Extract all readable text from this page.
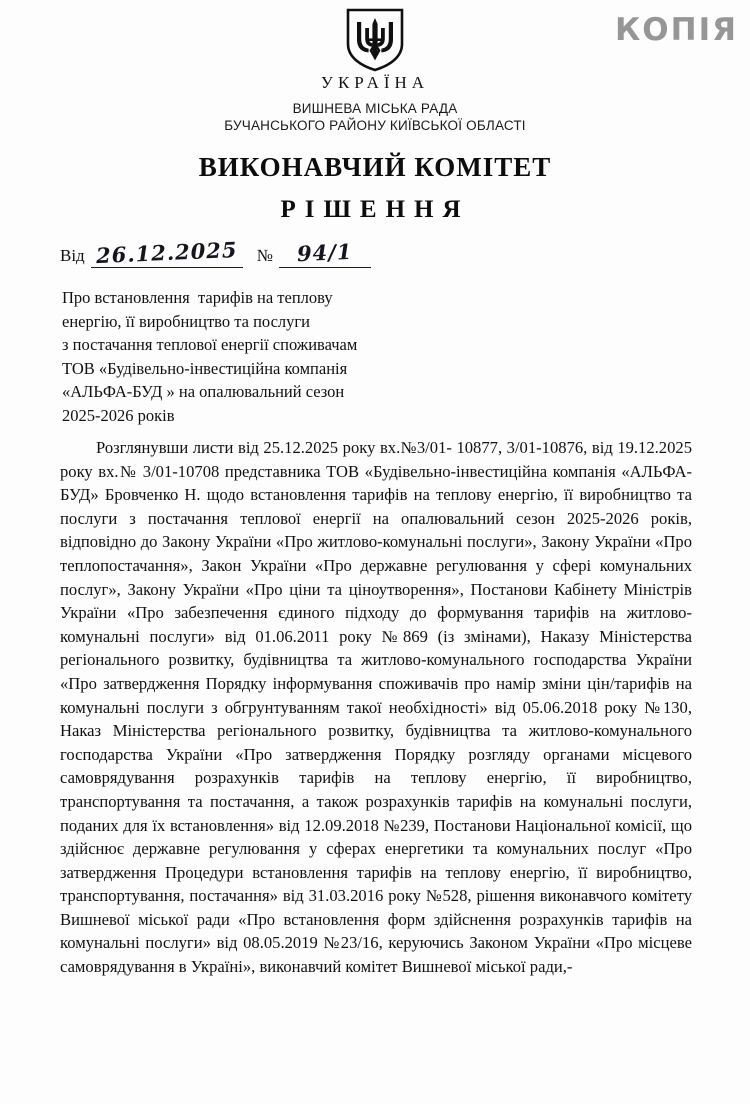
КОПІЯ
УКРАЇНА
ВИШНЕВА МІСЬКА РАДА
БУЧАНСЬКОГО РАЙОНУ КИЇВСЬКОЇ ОБЛАСТІ
ВИКОНАВЧИЙ КОМІТЕТ
РІШЕННЯ
Від 26.12.2025 №	94/1
Про встановлення  тарифів на теплову
енергію, її виробництво та послуги
з постачання теплової енергії споживачам
ТОВ «Будівельно-інвестиційна компанія
«АЛЬФА-БУД » на опалювальний сезон
2025-2026 років
Розглянувши листи від 25.12.2025 року вх.№3/01- 10877, 3/01-10876, від 19.12.2025 року вх.№ 3/01-10708 представника ТОВ «Будівельно-інвестиційна компанія «АЛЬФА-БУД» Бровченко Н. щодо встановлення тарифів на теплову енергію, її виробництво та послуги з постачання теплової енергії на опалювальний сезон 2025-2026 років, відповідно до Закону України «Про житлово-комунальні послуги», Закону України «Про теплопостачання», Закон України «Про державне регулювання у сфері комунальних послуг», Закону України «Про ціни та ціноутворення», Постанови Кабінету Міністрів України «Про забезпечення єдиного підходу до формування тарифів на житлово-комунальні послуги» від 01.06.2011 року №869 (із змінами), Наказу Міністерства регіонального розвитку, будівництва та житлово-комунального господарства України «Про затвердження Порядку інформування споживачів про намір зміни цін/тарифів на комунальні послуги з обгрунтуванням такої необхідності» від 05.06.2018 року №130, Наказ Міністерства регіонального розвитку, будівництва та житлово-комунального господарства України «Про затвердження Порядку розгляду органами місцевого самоврядування розрахунків тарифів на теплову енергію, її виробництво, транспортування та постачання, а також розрахунків тарифів на комунальні послуги, поданих для їх встановлення» від 12.09.2018 №239, Постанови Національної комісії, що здійснює державне регулювання у сферах енергетики та комунальних послуг «Про затвердження Процедури встановлення тарифів на теплову енергію, її виробництво, транспортування, постачання» від 31.03.2016 року №528, рішення виконавчого комітету Вишневої міської ради «Про встановлення форм здійснення розрахунків тарифів на комунальні послуги» від 08.05.2019 №23/16, керуючись Законом України «Про місцеве самоврядування в Україні», виконавчий комітет Вишневої міської ради,-
